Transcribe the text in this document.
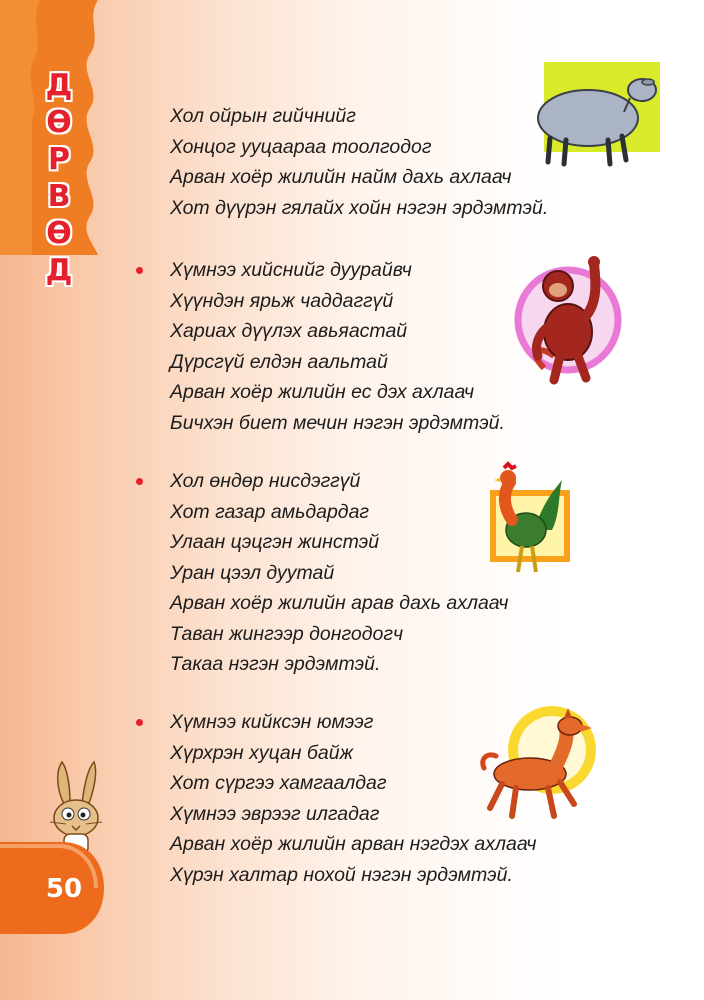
Д
Ө
Р
В
Ө
Д
Хол ойрын гийчнийг
Хонцог ууцаараа тоолгодог
Арван хоёр жилийн найм дахь ахлаач
Хот дүүрэн гялайх хойн нэгэн эрдэмтэй.
Хүмнээ хийснийг дуурайвч
Хүүндэн ярьж чаддаггүй
Хариах дүүлэх авьяастай
Дүрсгүй елдэн аальтай
Арван хоёр жилийн ес дэх ахлаач
Бичхэн биет мечин нэгэн эрдэмтэй.
Хол өндөр нисдэггүй
Хот газар амьдардаг
Улаан цэцгэн жинстэй
Уран цээл дуутай
Арван хоёр жилийн арав дахь ахлаач
Таван жингээр донгодогч
Такаа нэгэн эрдэмтэй.
Хүмнээ кийксэн юмээг
Хүрхрэн хуцан байж
Хот сүргээ хамгаалдаг
Хүмнээ эврээг илгадаг
Арван хоёр жилийн арван нэгдэх ахлаач
Хүрэн халтар нохой нэгэн эрдэмтэй.
50
